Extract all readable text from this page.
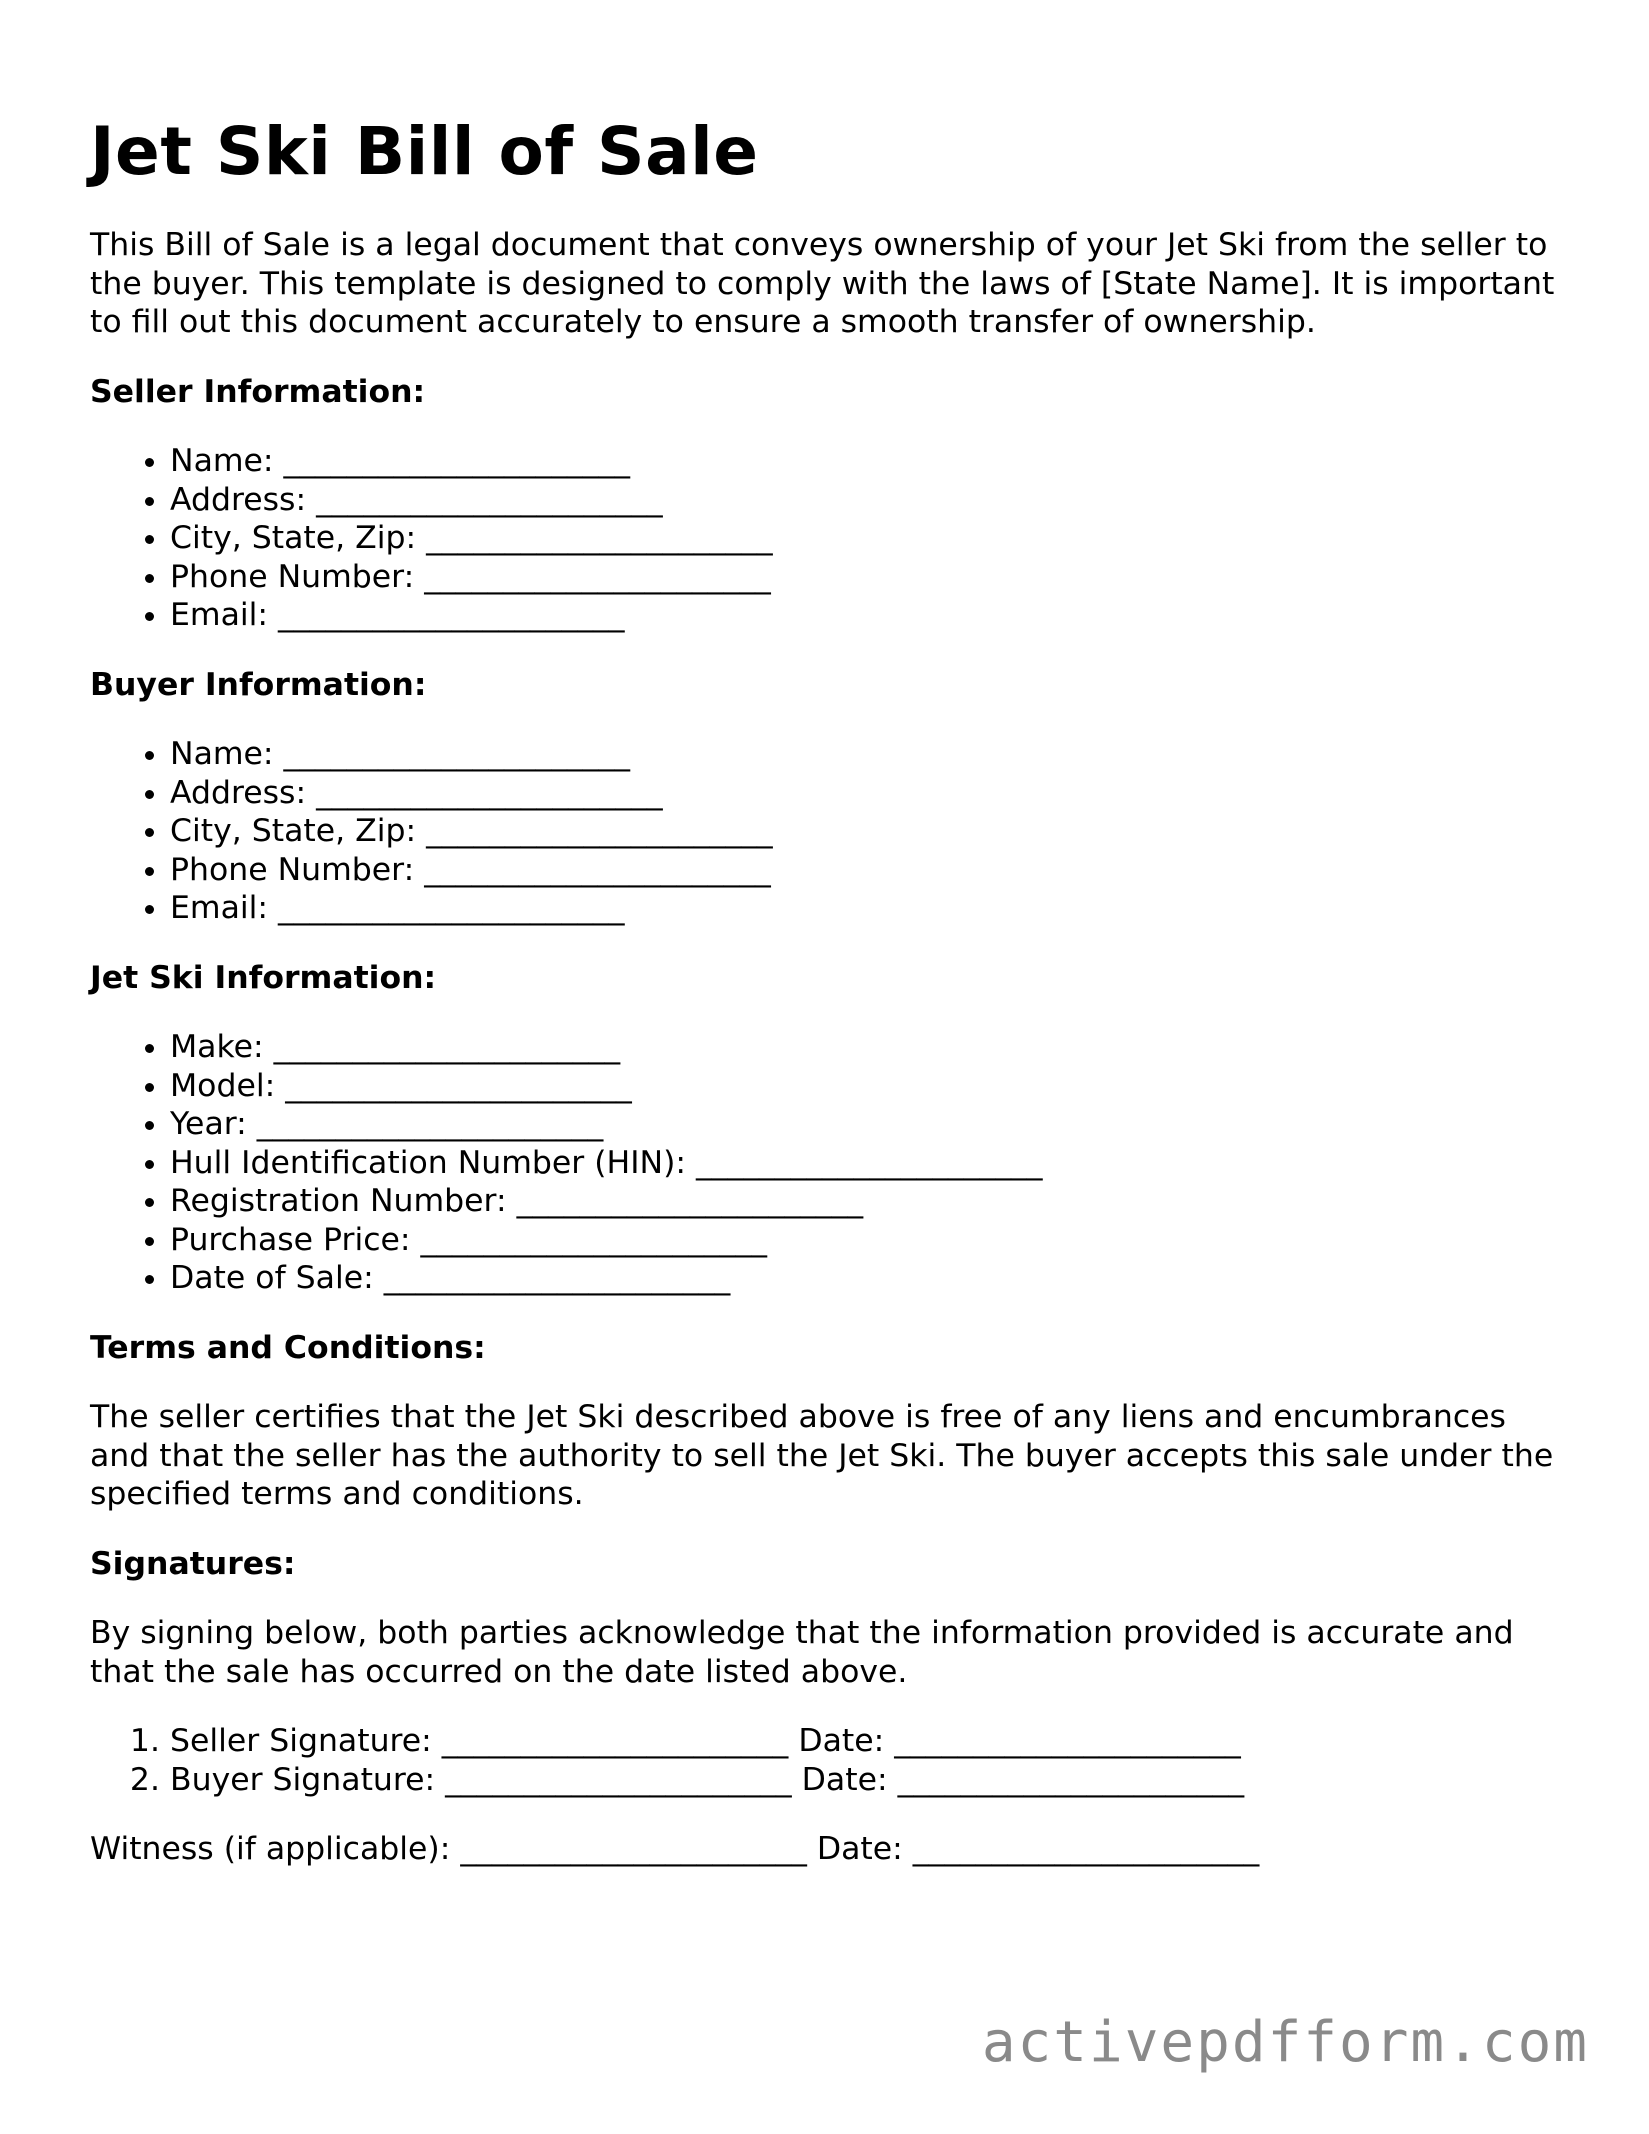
Jet Ski Bill of Sale

This Bill of Sale is a legal document that conveys ownership of your Jet Ski from the seller to the buyer. This template is designed to comply with the laws of [State Name]. It is important to fill out this document accurately to ensure a smooth transfer of ownership.

Seller Information:

• Name: ______________________
• Address: ______________________
• City, State, Zip: ______________________
• Phone Number: ______________________
• Email: ______________________

Buyer Information:

• Name: ______________________
• Address: ______________________
• City, State, Zip: ______________________
• Phone Number: ______________________
• Email: ______________________

Jet Ski Information:

• Make: ______________________
• Model: ______________________
• Year: ______________________
• Hull Identification Number (HIN): ______________________
• Registration Number: ______________________
• Purchase Price: ______________________
• Date of Sale: ______________________

Terms and Conditions:

The seller certifies that the Jet Ski described above is free of any liens and encumbrances and that the seller has the authority to sell the Jet Ski. The buyer accepts this sale under the specified terms and conditions.

Signatures:

By signing below, both parties acknowledge that the information provided is accurate and that the sale has occurred on the date listed above.

1. Seller Signature: ______________________ Date: ______________________
2. Buyer Signature: ______________________ Date: ______________________

Witness (if applicable): ______________________ Date: ______________________

activepdfform.com
